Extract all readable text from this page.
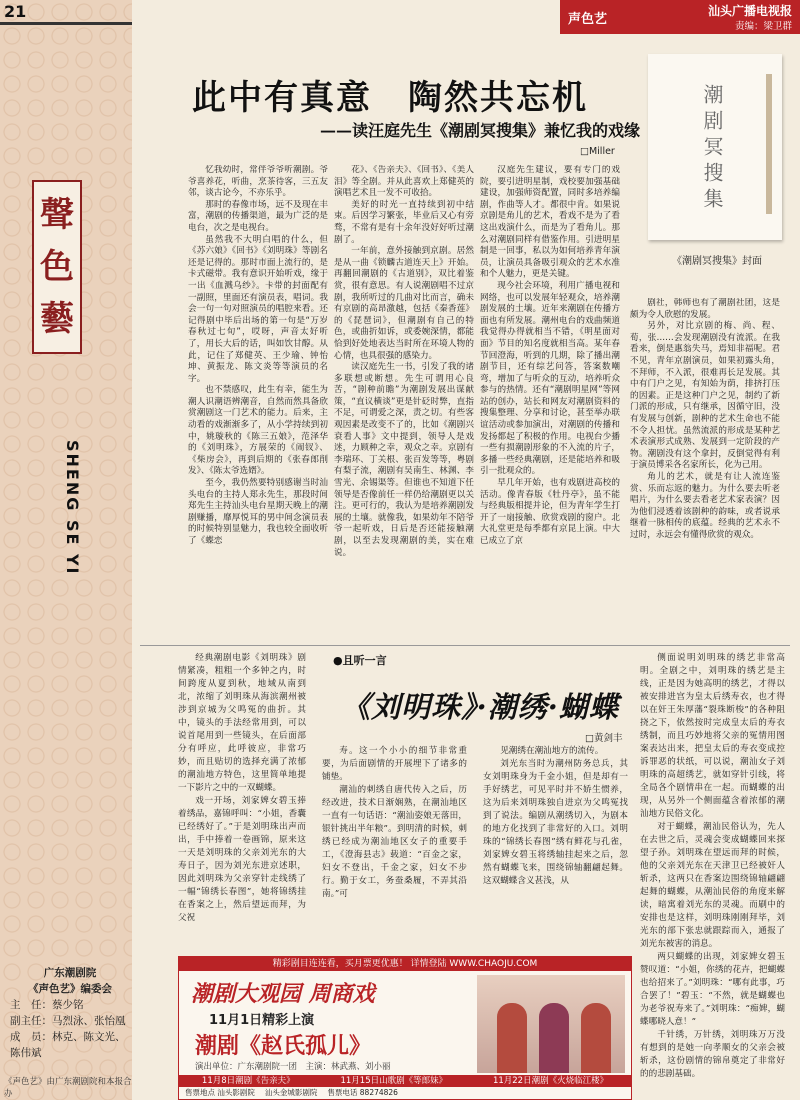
21
聲
色
藝
SHENG SE YI
广东潮剧院
《声色艺》编委会
主　任：蔡少铭
副主任：马烈泳、张怡凰
成　员：林克、陈文光、陈伟斌
《声色艺》由广东潮剧院和本报合办
声色艺
汕头广播电视报
责编：梁卫群
此中有真意　陶然共忘机
——读汪庭先生《潮剧冥搜集》兼忆我的戏缘
□Miller	潮剧冥搜集
《潮剧冥搜集》封面

忆我幼时，常伴爷爷听潮剧。爷爷喜养花，听曲，烹茶待客，三五友邻，谈古论今，不亦乐乎。

那时的春像市场，远不及现在丰富，潮剧的传播渠道，最为广泛的是电台，次之是电视台。

虽然我不大明白唱的什么，但《苏六娘》《回书》《刘明珠》等剧名还是记得的。那时市面上流行的，是卡式磁带。我有意识开始听戏，缘于一出《血溅乌纱》。卡带的封面配有一副照，里面还有演员表，唱词。我会一句一句对照演员的唱腔来看。还记得剧中毕后出场的第一句是“万岁春秋过七旬”，哎呀，声音太好听了，用长大后的话，叫如饮甘醇。从此，记住了郑健英、王少瑜、钟怡坤、黄振龙、陈文炎等等演员的名字。

也不禁感叹，此生有幸，能生为潮人识潮语辨潮音，自然而然具备欣赏潮剧这一门艺术的能力。后来，主动看的戏渐渐多了，从小学持续到初中，姚璇秋的《陈三五娘》，范泽华的《刘明珠》，方展荣的《闹钗》、《柴房会》，再到后期的《张春郎削发》、《陈太爷选婿》。

至今，我仍然要特别感谢当时汕头电台的主持人郑永先生，那段时间郑先生主持汕头电台星期天晚上的潮剧赚播，靡厚悦耳的男中间念演员表的时候特别显魅力，我也较全面收听了《蝶恋

花》、《告亲夫》、《回书》、《美人泪》等全剧。并从此喜欢上郑健英的演唱艺术且一发不可收拾。

美好的时光一直持续到初中结束。后因学习繁张，毕业后又心有旁骛，不常有是有十余年没好好听过潮剧了。

一年前，意外接触到京剧。居然是从一曲《锁麟古道连天上》开始。再翻回潮剧的《古道别》，双比着鉴赏，很有意思。有人说潮剧唱不过京剧，我所听过的几曲对比而言，确未有京剧的高昂激越，包括《秦香莲》的《琵琶词》，但潮剧有自己的特色，或曲折如诉，或委婉深情，都能恰到好处地表达当时所在环境人物的心情，也具很强的感染力。

读汉庭先生一书，引发了我的诸多联想或断想。先生可谓用心良苦，“剧种前瞻”为潮剧发展出谋献策，“直议横谈”更是针砭时弊，直指不足，可谓爱之深，责之切。有些客观因素是改变不了的，比如《潮剧兴衰看人事》文中提到，领导人是戏迷，力顾种之幸，观众之幸。京剧有李瑞环、丁关根、张百发等等，粤剧有梨子流，潮剧有吴南生、林渊、李雪光、余锡渠等。但谁也不知道下任领导是否像前任一样仍给潮剧更以关注。更可行的，我认为是培养潮剧发展的土壤。就像我，如果幼年不陪爷爷一起听戏，日后是否还能接触潮剧，以至去发现潮剧的美，实在难说。

汉庭先生建议，要有专门的戏院，要引进明星制，戏校要加强基础建设，加强师资配置，同时多培养编剧，作曲等人才。都很中肯。如果说京剧是角儿的艺术，看戏不是为了看这出戏演什么，而是为了看角儿。那么对潮剧同样有借鉴作用。引进明星制是一回事，私以为如何培养青年演员，让演员具备吸引观众的艺术水准和个人魅力，更是关键。

现今社会环境，利用广播电视和网络，也可以发展年轻观众，培养潮剧发展的土壤。近年来潮剧在传播方面也有所发展。潮州电台的戏曲频道我觉得办得就相当不错，《明星面对面》节目的知名度就相当高。某年春节回澄海，听到的几期，除了播出潮剧节目，还有综艺问答，答案数嘲弯，增加了与听众的互动，培养听众参与的热情。还有“潮剧明星网”等网站的创办，站长和网友对潮剧资料的搜集整理、分享和讨论，甚至举办联谊活动或参加演出，对潮剧的传播和发扬都起了积极的作用。电视台少播一些有损潮剧形象的不入流的片子，多播一些经典潮剧，还是能培养和吸引一批观众的。

早几年开始，也有戏剧进高校的活动。像青春版《牡丹亭》，虽不能与经典版相提并论，但为青年学生打开了一扇接触、欣赏戏剧的窗户。北大礼堂更是每季都有京昆上演。中大已成立了京

剧社，韩师也有了潮剧社团，这是颇为令人欣慰的发展。

另外，对比京剧的梅、尚、程、荀，张……会发现潮剧没有流派。在我看来，倒是惠翁失马，焉知非福呢。君不见，青年京剧演员，如果初露头角，不拜师，不入派，很难再长足发展。其中有门户之见，有知始为荫，排挤打压的因素。正是这种门户之见，制约了新门派的形成，只有继承，因循守旧，没有发展与创新，剧种的艺术生命也不能不令人担忧。虽然流派的形成是某种艺术表演形式成熟、发展到一定阶段的产物。潮剧没有这个拿封，反倒觉得有利于演员博采各名家所长，化为己用。

角儿的艺术，就是有让人流连鉴赏、乐而忘返的魅力。为什么要去听老唱片，为什么要去看老艺术家表演？因为他们浸透着该剧种的韵味，或者说承继着一脉相传的底蕴。经典的艺术永不过时，永远会有懂得欣赏的观众。

●且听一言
《刘明珠》·潮绣·蝴蝶
□黄剑丰

经典潮剧电影《刘明珠》剧情紧凑，粗粗一个多钟之内，时间跨度从夏到秋，地域从南到北，浓缩了刘明珠从海滨潮州被涉到京城为父鸣冤的曲折。其中，镜头的手法经常用到，可以说首尾用到一些镜头，在后面部分有呼应，此呼彼应，非常巧妙，而且贴切的选择充满了浓郁的潮汕地方特色，这里简单地提一下影片之中的一双蝴蝶。

戏一开场，刘家婢女碧玉捧着绣品，嘉锦呼叫：“小姐，香囊已经绣好了。”于是刘明珠出声而出，手中捧着一卷画锦，原来这一天是刘明珠的父亲刘光东的大寿日子，因为刘光东进京述职，因此刘明珠为父亲穿针走线绣了一幅“锦绣长春图”，她将锦绣挂在香案之上，然后望远而拜，为父祝

寿。这一个小小的细节非常重要，为后面剧情的开展埋下了诸多的铺垫。

潮汕的刺绣自唐代传入之后，历经改进，技术日渐娴熟，在潮汕地区一直有一句话语：“潮汕姿娘无落田，银针挑出半年粮”。到明清的时候，刺绣已经成为潮汕地区女子的重要手工，《澄海县志》载道：“百金之家，妇女不登出，千金之家，妇女不步行。勤于女工，务蚕桑履，不弄其沿南。”可

见潮绣在潮汕地方的流传。

刘光东当时为潮州防务总兵，其女刘明珠身为千金小姐，但是却有一手好绣艺，可见平时并不娇生惯养，这为后来刘明珠独自进京为父鸣冤找到了说法。编剧从潮绣切入，为剧本的地方化找到了非常好的入口。刘明珠的“锦绣长春图”绣有鲜花与孔雀，刘家婢女碧玉将绣轴挂起来之后，忽然有蝴蝶飞来，围绕锦轴翻翩起舞。这双蝴蝶含义甚浅，从

侧面说明刘明珠的绣艺非常高明。全剧之中，刘明珠的绣艺是主线，正是因为她高明的绣艺，才得以被安排进宫为皇太后绣寿衣，也才得以在奸王朱厚藩“裂珠断梭”的各种阻挠之下，依然按时完成皇太后的寿衣绣制，而且巧妙地将父亲的冤情用图案表达出来，把皇太后的寿衣变成控诉罪恶的状纸，可以说，潮汕女子刘明珠的高超绣艺，就如穿针引线，将全局各个剧情串在一起。而蝴蝶的出现，从另外一个侧面蕴含着浓郁的潮汕地方民俗文化。

对于蝴蝶，潮汕民俗认为，先人在去世之后，灵魂会变成蝴蝶回来探望子孙。刘明珠在望远而拜的时候，他的父亲刘光东在天津卫已经被奸人斩杀，这两只在香案边围绕锦轴翩翩起舞的蝴蝶，从潮汕民俗的角度来解读，暗寓着刘光东的灵魂。而刷中的安排也是这样，刘明珠刚刚拜毕，刘光东的部下张忠就跟踪而入，通报了刘光东被害的消息。

两只蝴蝶的出现，刘家婢女碧玉赞叹道：“小姐，你绣的花卉，把蝴蝶也给招来了。”刘明珠：“哪有此事，巧合罢了！”碧玉：“不然，就是蝴蝶也为老爷祝寿来了。”刘明珠：“痴婢，蝴蝶哪晓人意！”

千针绣，万针绣，刘明珠万万没有想到的是她一向孝顺女的父亲会被斩杀，这份剧情的锦帛奠定了非常好的的悲剧基础。

精彩剧目连连看，买月票更优惠！ 详情登陆 WWW.CHAOJU.COM
潮剧大观园 周商戏
11月1日精彩上演
潮剧《赵氏孤儿》
演出单位：广东潮剧院一团　主演：林武燕、刘小丽
11月8日潮剧《告亲夫》	11月15日山歌剧《等郎妹》	11月22日潮剧《火烧临江楼》
售票地点 汕头影剧院 汕头金城影剧院 售票电话 88274826
